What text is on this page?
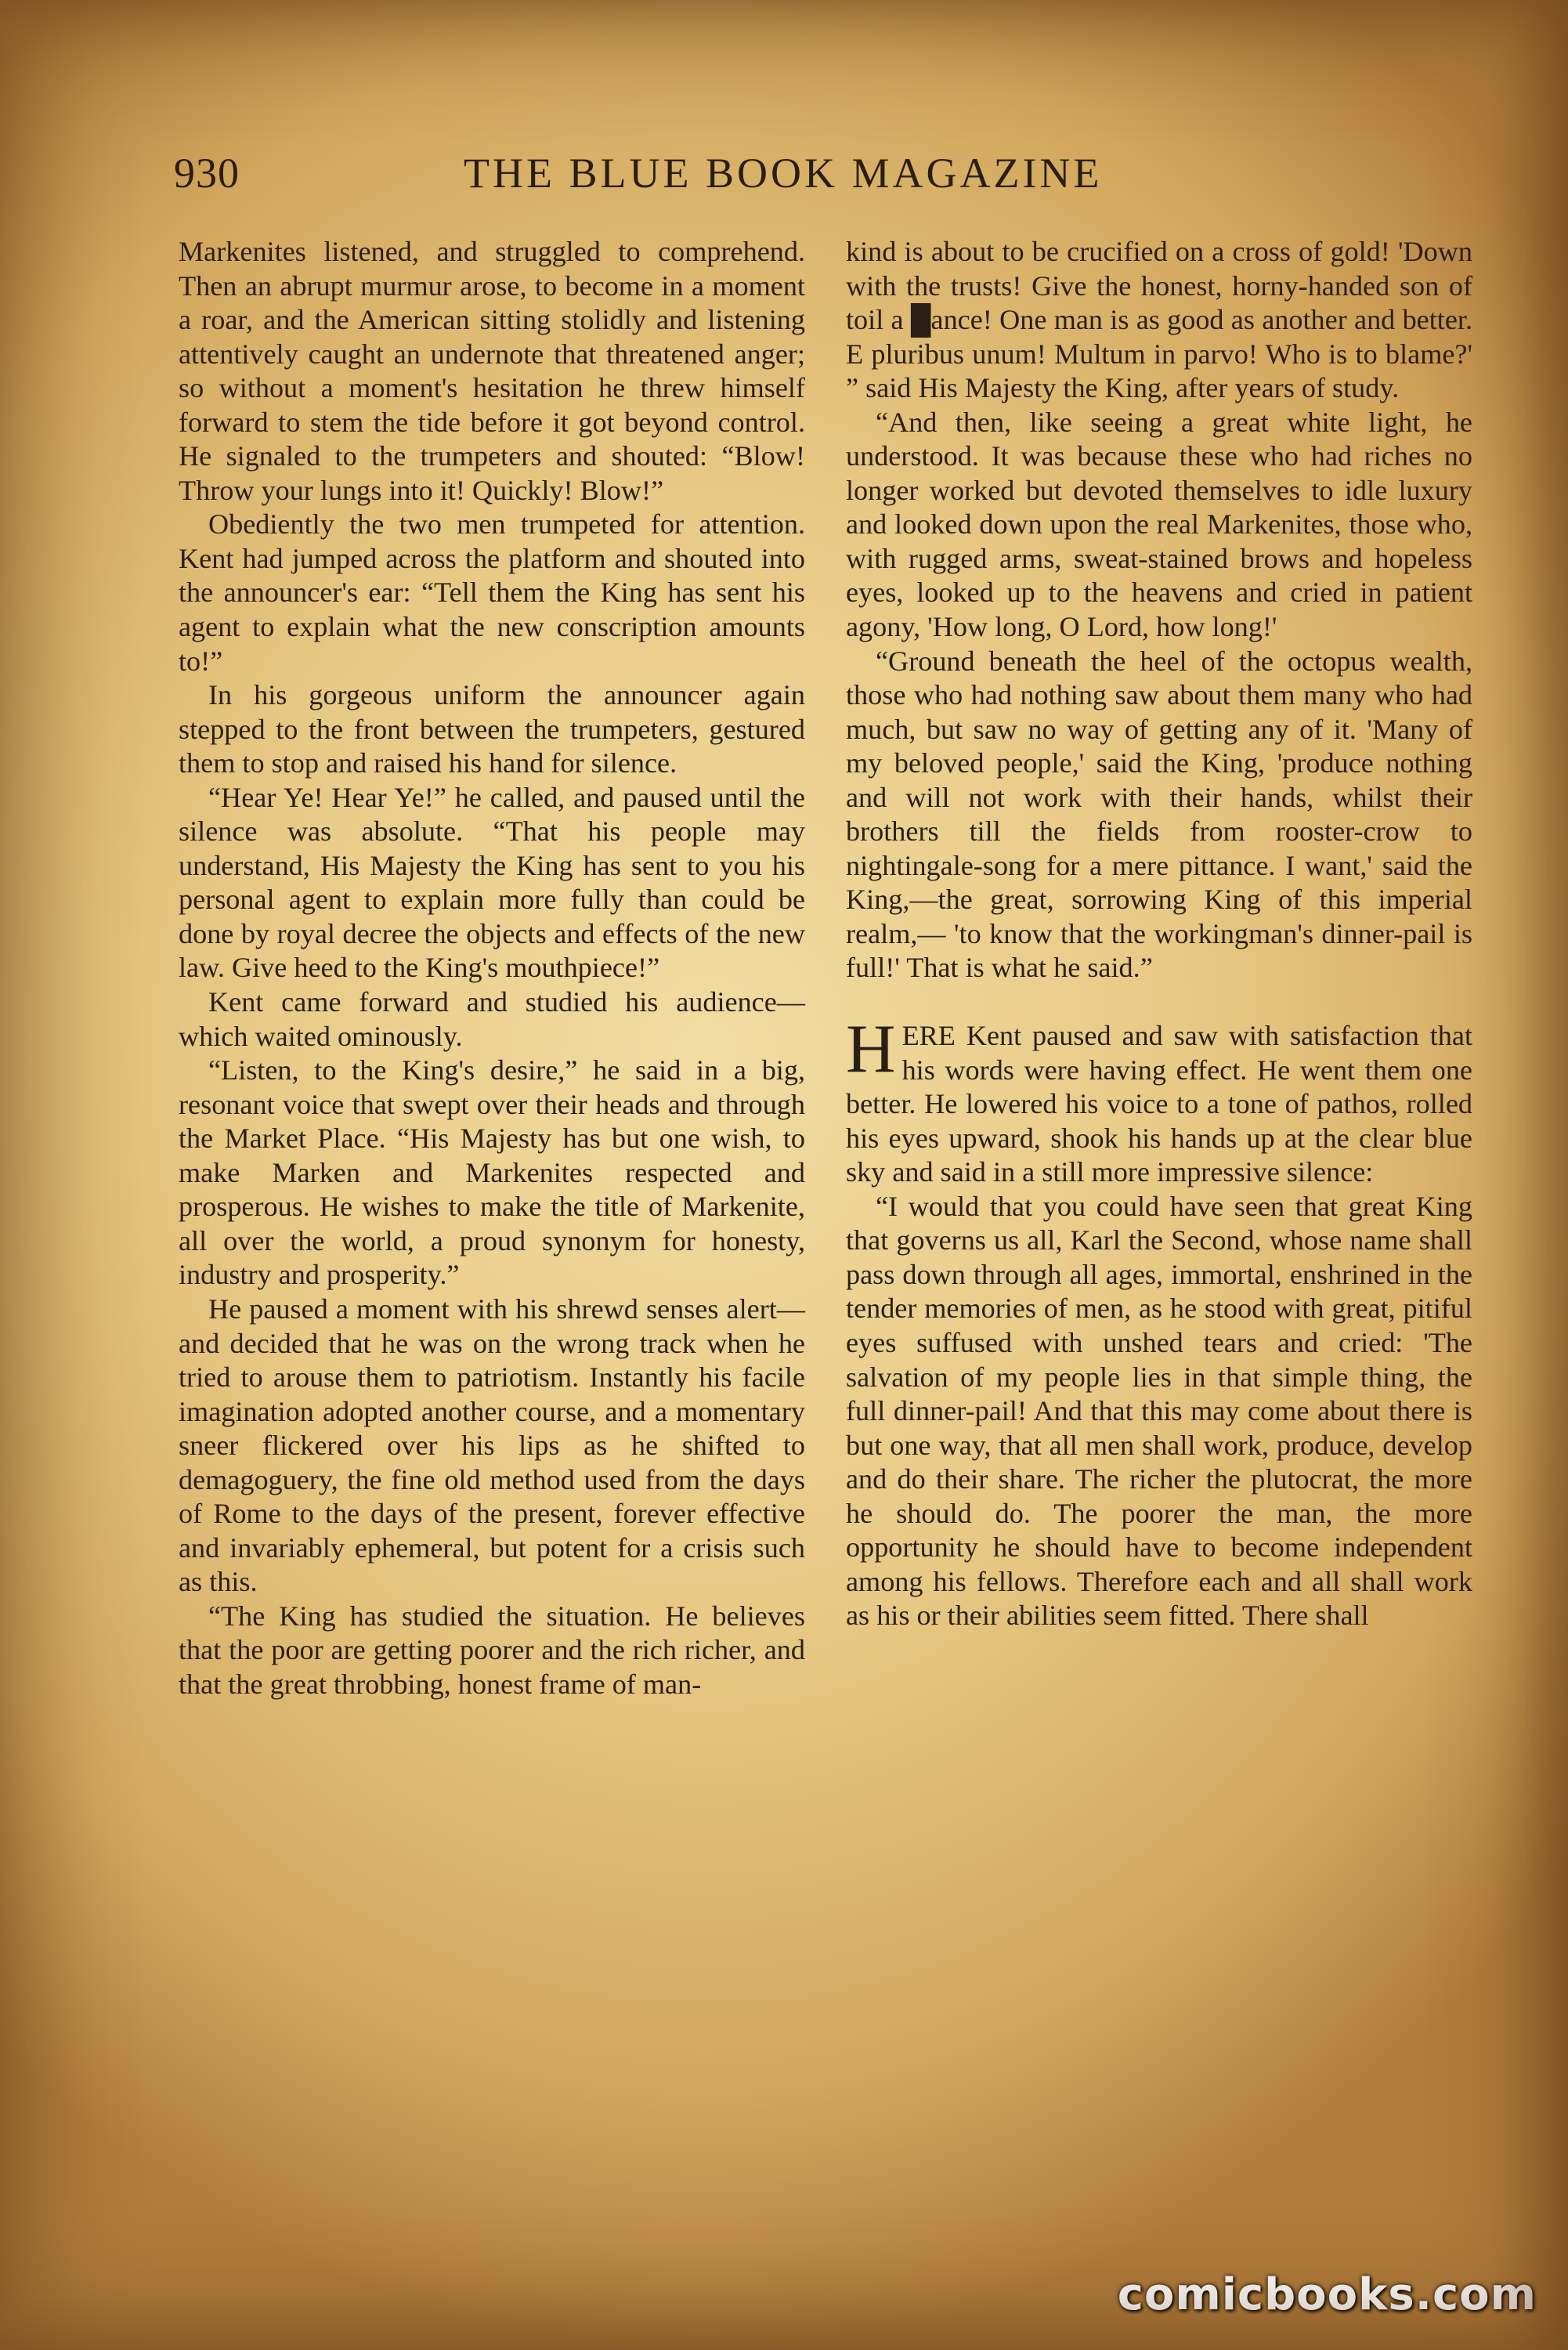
930	THE BLUE BOOK MAGAZINE

Markenites listened, and struggled to comprehend. Then an abrupt murmur arose, to become in a moment a roar, and the American sitting stolidly and listening attentively caught an undernote that threatened anger; so without a moment's hesitation he threw himself forward to stem the tide before it got beyond control. He signaled to the trumpeters and shouted: “Blow! Throw your lungs into it! Quickly! Blow!”

Obediently the two men trumpeted for attention. Kent had jumped across the platform and shouted into the announcer's ear: “Tell them the King has sent his agent to explain what the new conscription amounts to!”

In his gorgeous uniform the announcer again stepped to the front between the trumpeters, gestured them to stop and raised his hand for silence.

“Hear Ye! Hear Ye!” he called, and paused until the silence was absolute. “That his people may understand, His Majesty the King has sent to you his personal agent to explain more fully than could be done by royal decree the objects and effects of the new law. Give heed to the King's mouthpiece!”

Kent came forward and studied his audience—which waited ominously.

“Listen, to the King's desire,” he said in a big, resonant voice that swept over their heads and through the Market Place. “His Majesty has but one wish, to make Marken and Markenites respected and prosperous. He wishes to make the title of Markenite, all over the world, a proud synonym for honesty, industry and prosperity.”

He paused a moment with his shrewd senses alert—and decided that he was on the wrong track when he tried to arouse them to patriotism. Instantly his facile imagination adopted another course, and a momentary sneer flickered over his lips as he shifted to demagoguery, the fine old method used from the days of Rome to the days of the present, forever effective and invariably ephemeral, but potent for a crisis such as this.

“The King has studied the situation. He believes that the poor are getting poorer and the rich richer, and that the great throbbing, honest frame of man-

kind is about to be crucified on a cross of gold! 'Down with the trusts! Give the honest, horny-handed son of toil a █ance! One man is as good as another and better. E pluribus unum! Multum in parvo! Who is to blame?' ” said His Majesty the King, after years of study.

“And then, like seeing a great white light, he understood. It was because these who had riches no longer worked but devoted themselves to idle luxury and looked down upon the real Markenites, those who, with rugged arms, sweat-stained brows and hopeless eyes, looked up to the heavens and cried in patient agony, 'How long, O Lord, how long!'

“Ground beneath the heel of the octopus wealth, those who had nothing saw about them many who had much, but saw no way of getting any of it. 'Many of my beloved people,' said the King, 'produce nothing and will not work with their hands, whilst their brothers till the fields from rooster-crow to nightingale-song for a mere pittance. I want,' said the King,—the great, sorrowing King of this imperial realm,— 'to know that the workingman's dinner-pail is full!' That is what he said.”

HERE Kent paused and saw with satisfaction that his words were having effect. He went them one better. He lowered his voice to a tone of pathos, rolled his eyes upward, shook his hands up at the clear blue sky and said in a still more impressive silence:

“I would that you could have seen that great King that governs us all, Karl the Second, whose name shall pass down through all ages, immortal, enshrined in the tender memories of men, as he stood with great, pitiful eyes suffused with unshed tears and cried: 'The salvation of my people lies in that simple thing, the full dinner-pail! And that this may come about there is but one way, that all men shall work, produce, develop and do their share. The richer the plutocrat, the more he should do. The poorer the man, the more opportunity he should have to become independent among his fellows. Therefore each and all shall work as his or their abilities seem fitted. There shall

comicbooks.com
